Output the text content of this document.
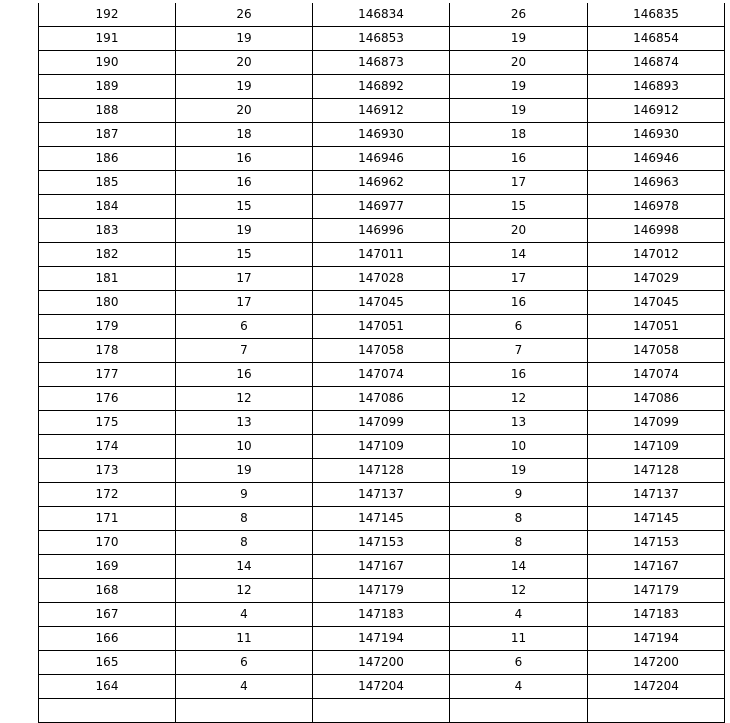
192	26	146834	26	146835
191	19	146853	19	146854
190	20	146873	20	146874
189	19	146892	19	146893
188	20	146912	19	146912
187	18	146930	18	146930
186	16	146946	16	146946
185	16	146962	17	146963
184	15	146977	15	146978
183	19	146996	20	146998
182	15	147011	14	147012
181	17	147028	17	147029
180	17	147045	16	147045
179	6	147051	6	147051
178	7	147058	7	147058
177	16	147074	16	147074
176	12	147086	12	147086
175	13	147099	13	147099
174	10	147109	10	147109
173	19	147128	19	147128
172	9	147137	9	147137
171	8	147145	8	147145
170	8	147153	8	147153
169	14	147167	14	147167
168	12	147179	12	147179
167	4	147183	4	147183
166	11	147194	11	147194
165	6	147200	6	147200
164	4	147204	4	147204
